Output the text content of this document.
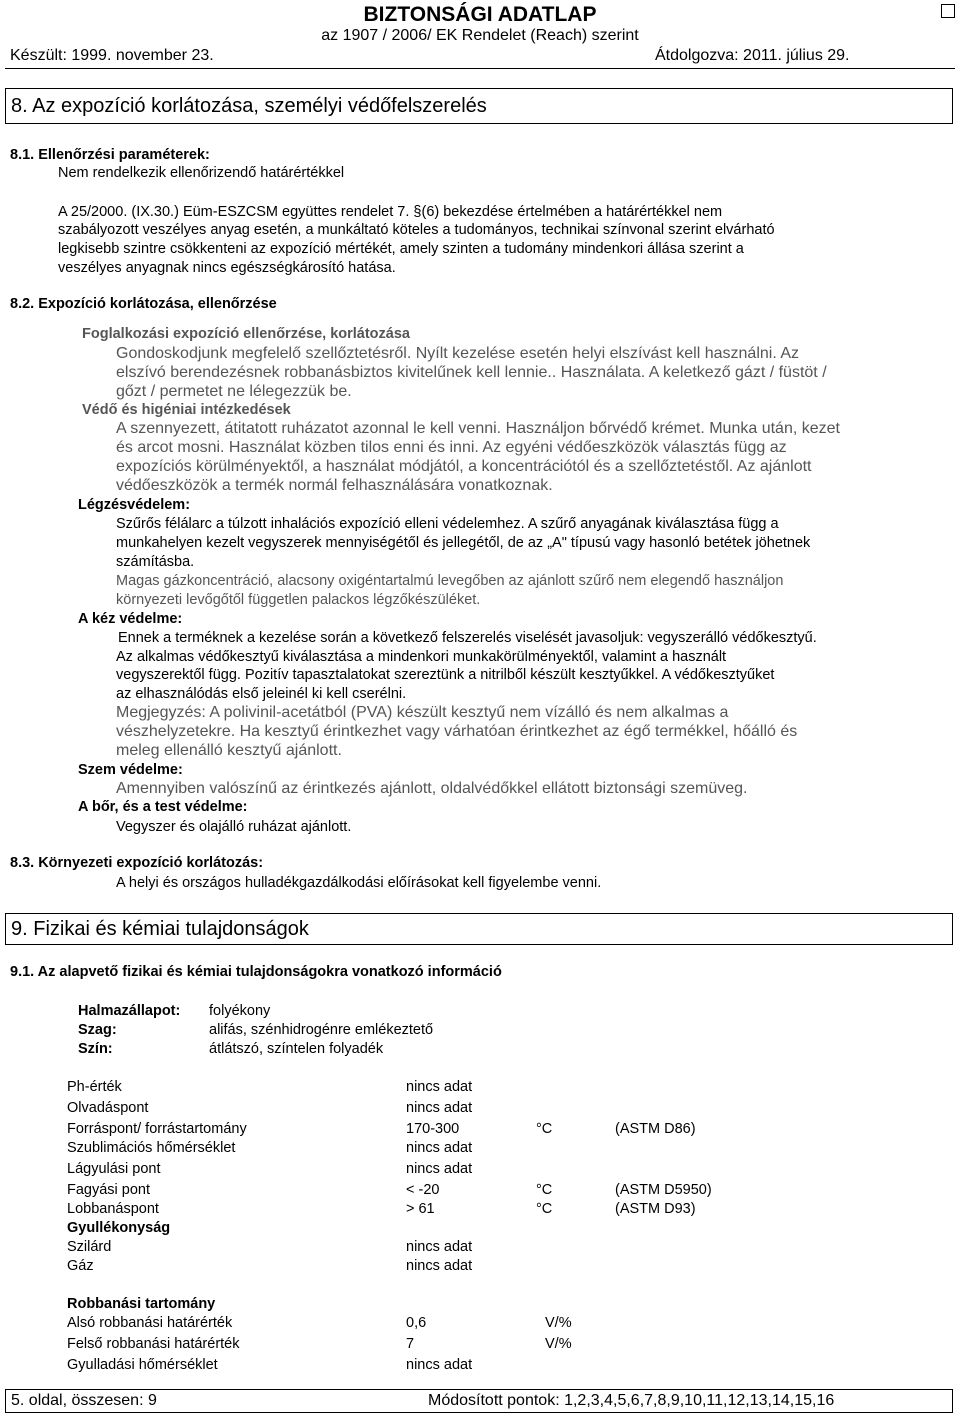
BIZTONSÁGI ADATLAP
az 1907 / 2006/ EK Rendelet (Reach) szerint
Készült: 1999. november 23.	Átdolgozva: 2011. július 29.
8. Az expozíció korlátozása, személyi védőfelszerelés
8.1. Ellenőrzési paraméterek:
Nem rendelkezik ellenőrizendő határértékkel
A 25/2000. (IX.30.) Eüm-ESZCSM együttes rendelet 7. §(6) bekezdése értelmében a határértékkel nem
szabályozott veszélyes anyag esetén, a munkáltató köteles a tudományos, technikai színvonal szerint elvárható
legkisebb szintre csökkenteni az expozíció mértékét, amely szinten a tudomány mindenkori állása szerint a
veszélyes anyagnak nincs egészségkárosító hatása.
8.2. Expozíció korlátozása, ellenőrzése
Foglalkozási expozíció ellenőrzése, korlátozása
Gondoskodjunk megfelelő szellőztetésről. Nyílt kezelése esetén helyi elszívást kell használni. Az
elszívó berendezésnek robbanásbiztos kivitelűnek kell lennie.. Használata. A keletkező gázt / füstöt /
gőzt / permetet ne lélegezzük be.
Védő és higéniai intézkedések
A szennyezett, átitatott ruházatot azonnal le kell venni. Használjon bőrvédő krémet. Munka után, kezet
és arcot mosni. Használat közben tilos enni és inni. Az egyéni védőeszközök választás függ az
expozíciós körülményektől, a használat módjától, a koncentrációtól és a szellőztetéstől. Az ajánlott
védőeszközök a termék normál felhasználására vonatkoznak.
Légzésvédelem:
Szűrős félálarc a túlzott inhalációs expozíció elleni védelemhez. A szűrő anyagának kiválasztása függ a
munkahelyen kezelt vegyszerek mennyiségétől és jellegétől, de az „A" típusú vagy hasonló betétek jöhetnek
számításba.
Magas gázkoncentráció, alacsony oxigéntartalmú levegőben az ajánlott szűrő nem elegendő használjon
környezeti levőgőtől független palackos légzőkészüléket.
A kéz védelme:
Ennek a terméknek a kezelése során a következő felszerelés viselését javasoljuk: vegyszerálló védőkesztyű.
Az alkalmas védőkesztyű kiválasztása a mindenkori munkakörülményektől, valamint a használt
vegyszerektől függ. Pozitív tapasztalatokat szereztünk a nitrilből készült kesztyűkkel. A védőkesztyűket
az elhasználódás első jeleinél ki kell cserélni.
Megjegyzés: A polivinil-acetátból (PVA) készült kesztyű nem vízálló és nem alkalmas a
vészhelyzetekre. Ha kesztyű érintkezhet vagy várhatóan érintkezhet az égő termékkel, hőálló és
meleg ellenálló kesztyű ajánlott.
Szem védelme:
Amennyiben valószínű az érintkezés ajánlott, oldalvédőkkel ellátott biztonsági szemüveg.
A bőr, és a test védelme:
Vegyszer és olajálló ruházat ajánlott.
8.3. Környezeti expozíció korlátozás:
A helyi és országos hulladékgazdálkodási előírásokat kell figyelembe venni.
9. Fizikai és kémiai tulajdonságok
9.1. Az alapvető fizikai és kémiai tulajdonságokra vonatkozó információ
Halmazállapot: folyékony
Szag:	alifás, szénhidrogénre emlékeztető
Szín:	átlátszó, színtelen folyadék
Ph-érték	nincs adat
Olvadáspont	nincs adat
Forráspont/ forrástartomány	170-300	°C	(ASTM D86)
Szublimációs hőmérséklet	nincs adat
Lágyulási pont	nincs adat
Fagyási pont	< -20	°C	(ASTM D5950)
Lobbanáspont	> 61	°C	(ASTM D93)
Gyullékonyság
Szilárd	nincs adat
Gáz	nincs adat
Robbanási tartomány
Alsó robbanási határérték	0,6	V/%
Felső robbanási határérték	7	V/%
Gyulladási hőmérséklet	nincs adat
5. oldal, összesen: 9	Módosított pontok: 1,2,3,4,5,6,7,8,9,10,11,12,13,14,15,16
